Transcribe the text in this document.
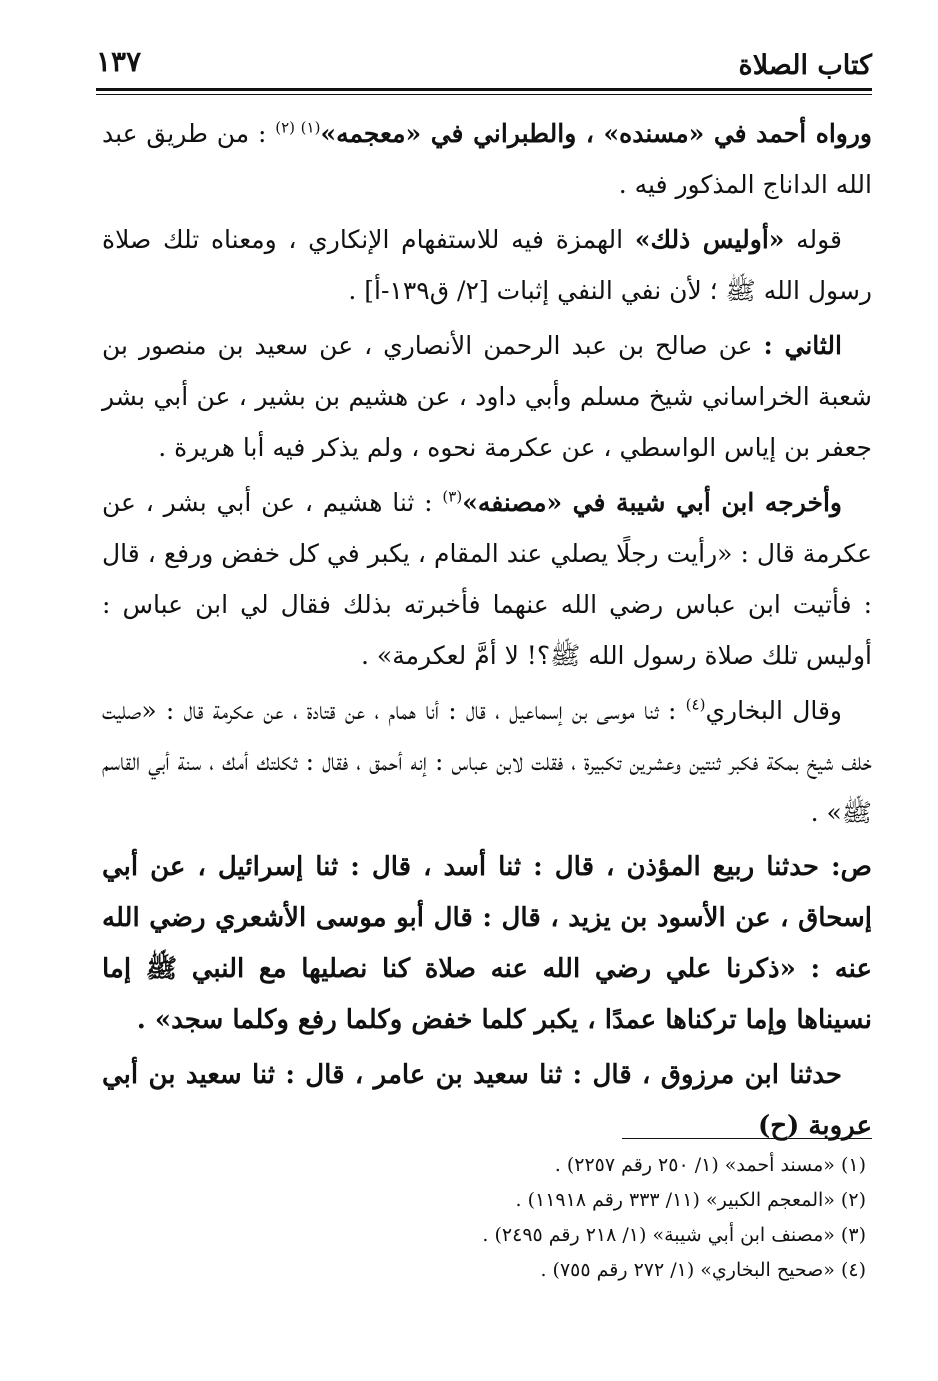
كتاب الصلاة
١٣٧

ورواه أحمد في «مسنده» ، والطبراني في «معجمه»$^{(١) (٢)}$ : من طريق عبد الله الداناج المذكور فيه .

قوله «أوليس ذلك» الهمزة فيه للاستفهام الإنكاري ، ومعناه تلك صلاة رسول الله ﷺ ؛ لأن نفي النفي إثبات [٢/ ق١٣٩-أ] .

الثاني : عن صالح بن عبد الرحمن الأنصاري ، عن سعيد بن منصور بن شعبة الخراساني شيخ مسلم وأبي داود ، عن هشيم بن بشير ، عن أبي بشر جعفر بن إياس الواسطي ، عن عكرمة نحوه ، ولم يذكر فيه أبا هريرة .

وأخرجه ابن أبي شيبة في «مصنفه»$^{(٣)}$ : ثنا هشيم ، عن أبي بشر ، عن عكرمة قال : «رأيت رجلًا يصلي عند المقام ، يكبر في كل خفض ورفع ، قال : فأتيت ابن عباس رضي الله عنهما فأخبرته بذلك فقال لي ابن عباس : أوليس تلك صلاة رسول الله ﷺ؟! لا أمَّ لعكرمة» .

وقال البخاري$^{(٤)}$ : ثنا موسى بن إسماعيل ، قال : أنا همام ، عن قتادة ، عن عكرمة قال : «صليت خلف شيخ بمكة فكبر ثنتين وعشرين تكبيرة ، فقلت لابن عباس : إنه أحمق ، فقال : ثكلتك أمك ، سنة أبي القاسم ﷺ» .

ص: حدثنا ربيع المؤذن ، قال : ثنا أسد ، قال : ثنا إسرائيل ، عن أبي إسحاق ، عن الأسود بن يزيد ، قال : قال أبو موسى الأشعري رضي الله عنه : «ذكرنا علي رضي الله عنه صلاة كنا نصليها مع النبي ﷺ إما نسيناها وإما تركناها عمدًا ، يكبر كلما خفض وكلما رفع وكلما سجد» .

حدثنا ابن مرزوق ، قال : ثنا سعيد بن عامر ، قال : ثنا سعيد بن أبي عروبة (ح)

(١) «مسند أحمد» (١/ ٢٥٠ رقم ٢٢٥٧) .

(٢) «المعجم الكبير» (١١/ ٣٣٣ رقم ١١٩١٨) .

(٣) «مصنف ابن أبي شيبة» (١/ ٢١٨ رقم ٢٤٩٥) .

(٤) «صحيح البخاري» (١/ ٢٧٢ رقم ٧٥٥) .
